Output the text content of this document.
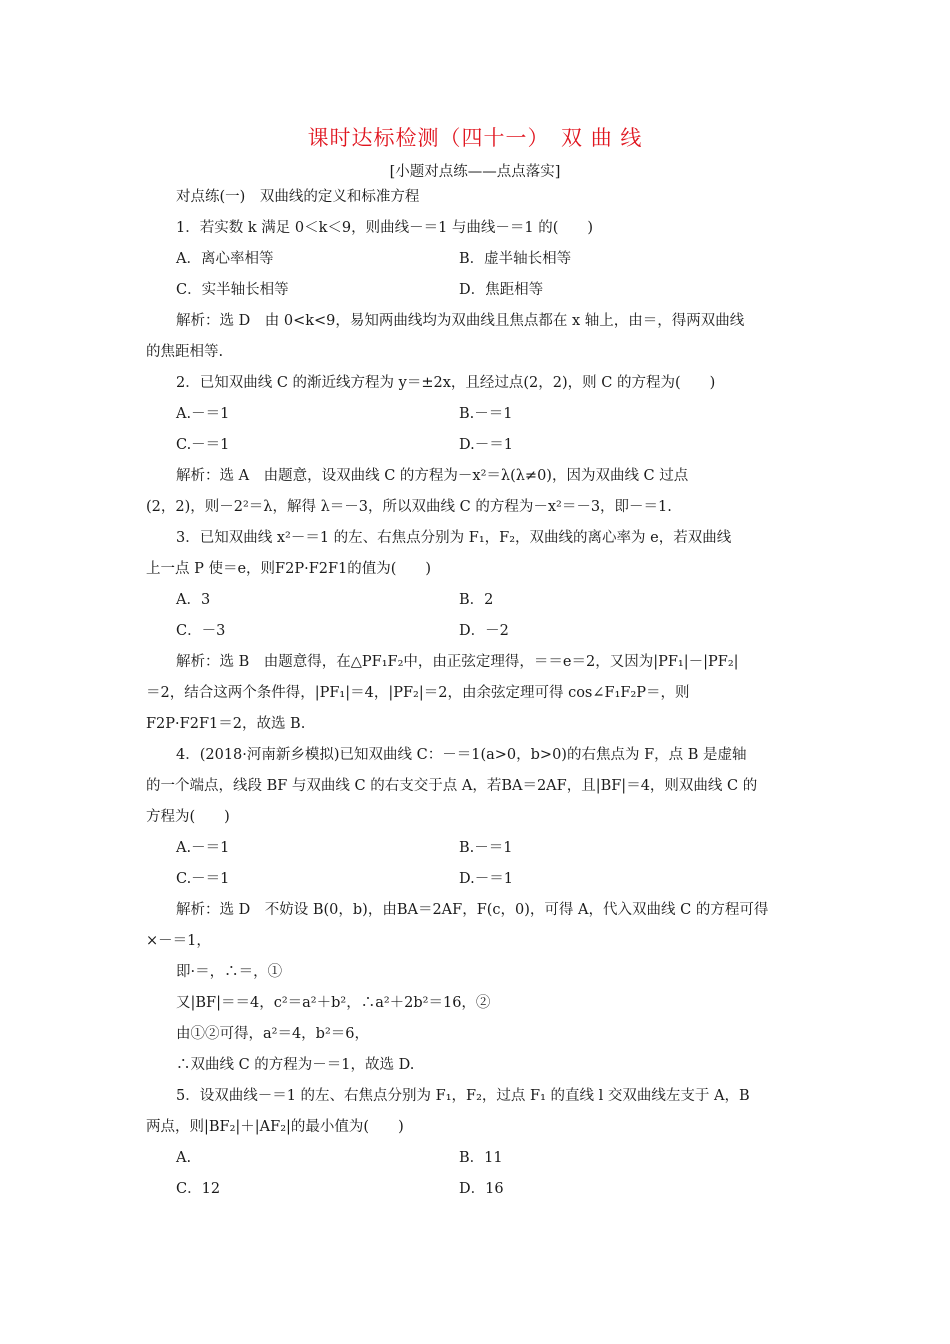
课时达标检测（四十一）　双 曲 线
[小题对点练——点点落实]
对点练(一)　双曲线的定义和标准方程
1．若实数 k 满足 0＜k＜9，则曲线－＝1 与曲线－＝1 的(　　)
A．离心率相等	B．虚半轴长相等
C．实半轴长相等	D．焦距相等
解析：选 D　由 0<k<9，易知两曲线均为双曲线且焦点都在 x 轴上，由＝，得两双曲线
的焦距相等.
2．已知双曲线 C 的渐近线方程为 y＝±2x，且经过点(2，2)，则 C 的方程为(　　)
A.－＝1	B.－＝1
C.－＝1	D.－＝1
解析：选 A　由题意，设双曲线 C 的方程为－x²＝λ(λ≠0)，因为双曲线 C 过点
(2，2)，则－2²＝λ，解得 λ＝－3，所以双曲线 C 的方程为－x²＝－3，即－＝1.
3．已知双曲线 x²－＝1 的左、右焦点分别为 F₁，F₂，双曲线的离心率为 e，若双曲线
上一点 P 使＝e，则F2P·F2F1的值为(　　)
A．3	B．2
C．－3	D．－2
解析：选 B　由题意得，在△PF₁F₂中，由正弦定理得，＝＝e＝2，又因为|PF₁|－|PF₂|
＝2，结合这两个条件得，|PF₁|＝4，|PF₂|＝2，由余弦定理可得 cos∠F₁F₂P＝，则
F2P·F2F1＝2，故选 B.
4．(2018·河南新乡模拟)已知双曲线 C：－＝1(a>0，b>0)的右焦点为 F，点 B 是虚轴
的一个端点，线段 BF 与双曲线 C 的右支交于点 A，若BA＝2AF，且|BF|＝4，则双曲线 C 的
方程为(　　)
A.－＝1	B.－＝1
C.－＝1	D.－＝1
解析：选 D　不妨设 B(0，b)，由BA＝2AF，F(c，0)，可得 A，代入双曲线 C 的方程可得
×－＝1，
即·＝，∴＝，①
又|BF|＝＝4，c²＝a²＋b²，∴a²＋2b²＝16，②
由①②可得，a²＝4，b²＝6，
∴双曲线 C 的方程为－＝1，故选 D.
5．设双曲线－＝1 的左、右焦点分别为 F₁，F₂，过点 F₁ 的直线 l 交双曲线左支于 A，B
两点，则|BF₂|＋|AF₂|的最小值为(　　)
A.	B．11
C．12	D．16
